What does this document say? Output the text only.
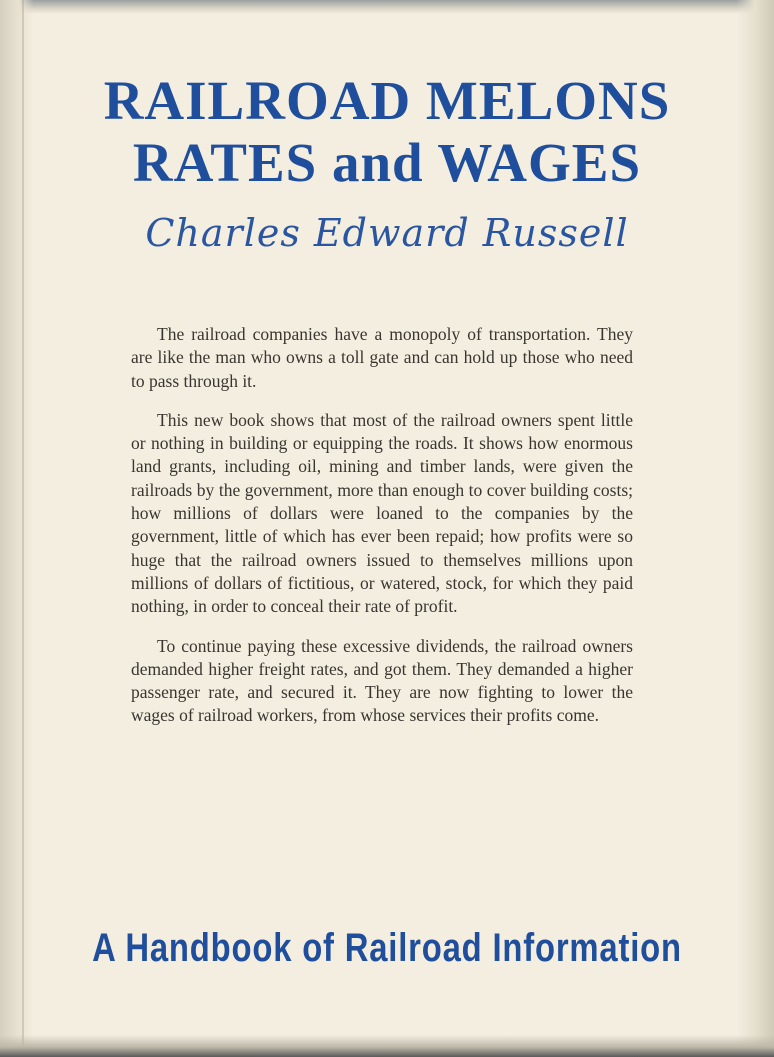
RAILROAD MELONS
RATES and WAGES
Charles Edward Russell

The railroad companies have a monopoly of transportation. They are like the man who owns a toll gate and can hold up those who need to pass through it.

This new book shows that most of the railroad owners spent little or nothing in building or equipping the roads. It shows how enormous land grants, including oil, mining and timber lands, were given the railroads by the government, more than enough to cover building costs; how millions of dollars were loaned to the companies by the government, little of which has ever been repaid; how profits were so huge that the railroad owners issued to themselves millions upon millions of dollars of fictitious, or watered, stock, for which they paid nothing, in order to conceal their rate of profit.

To continue paying these excessive dividends, the railroad owners demanded higher freight rates, and got them. They demanded a higher passenger rate, and secured it. They are now fighting to lower the wages of railroad workers, from whose services their profits come.

A Handbook of Railroad Information
